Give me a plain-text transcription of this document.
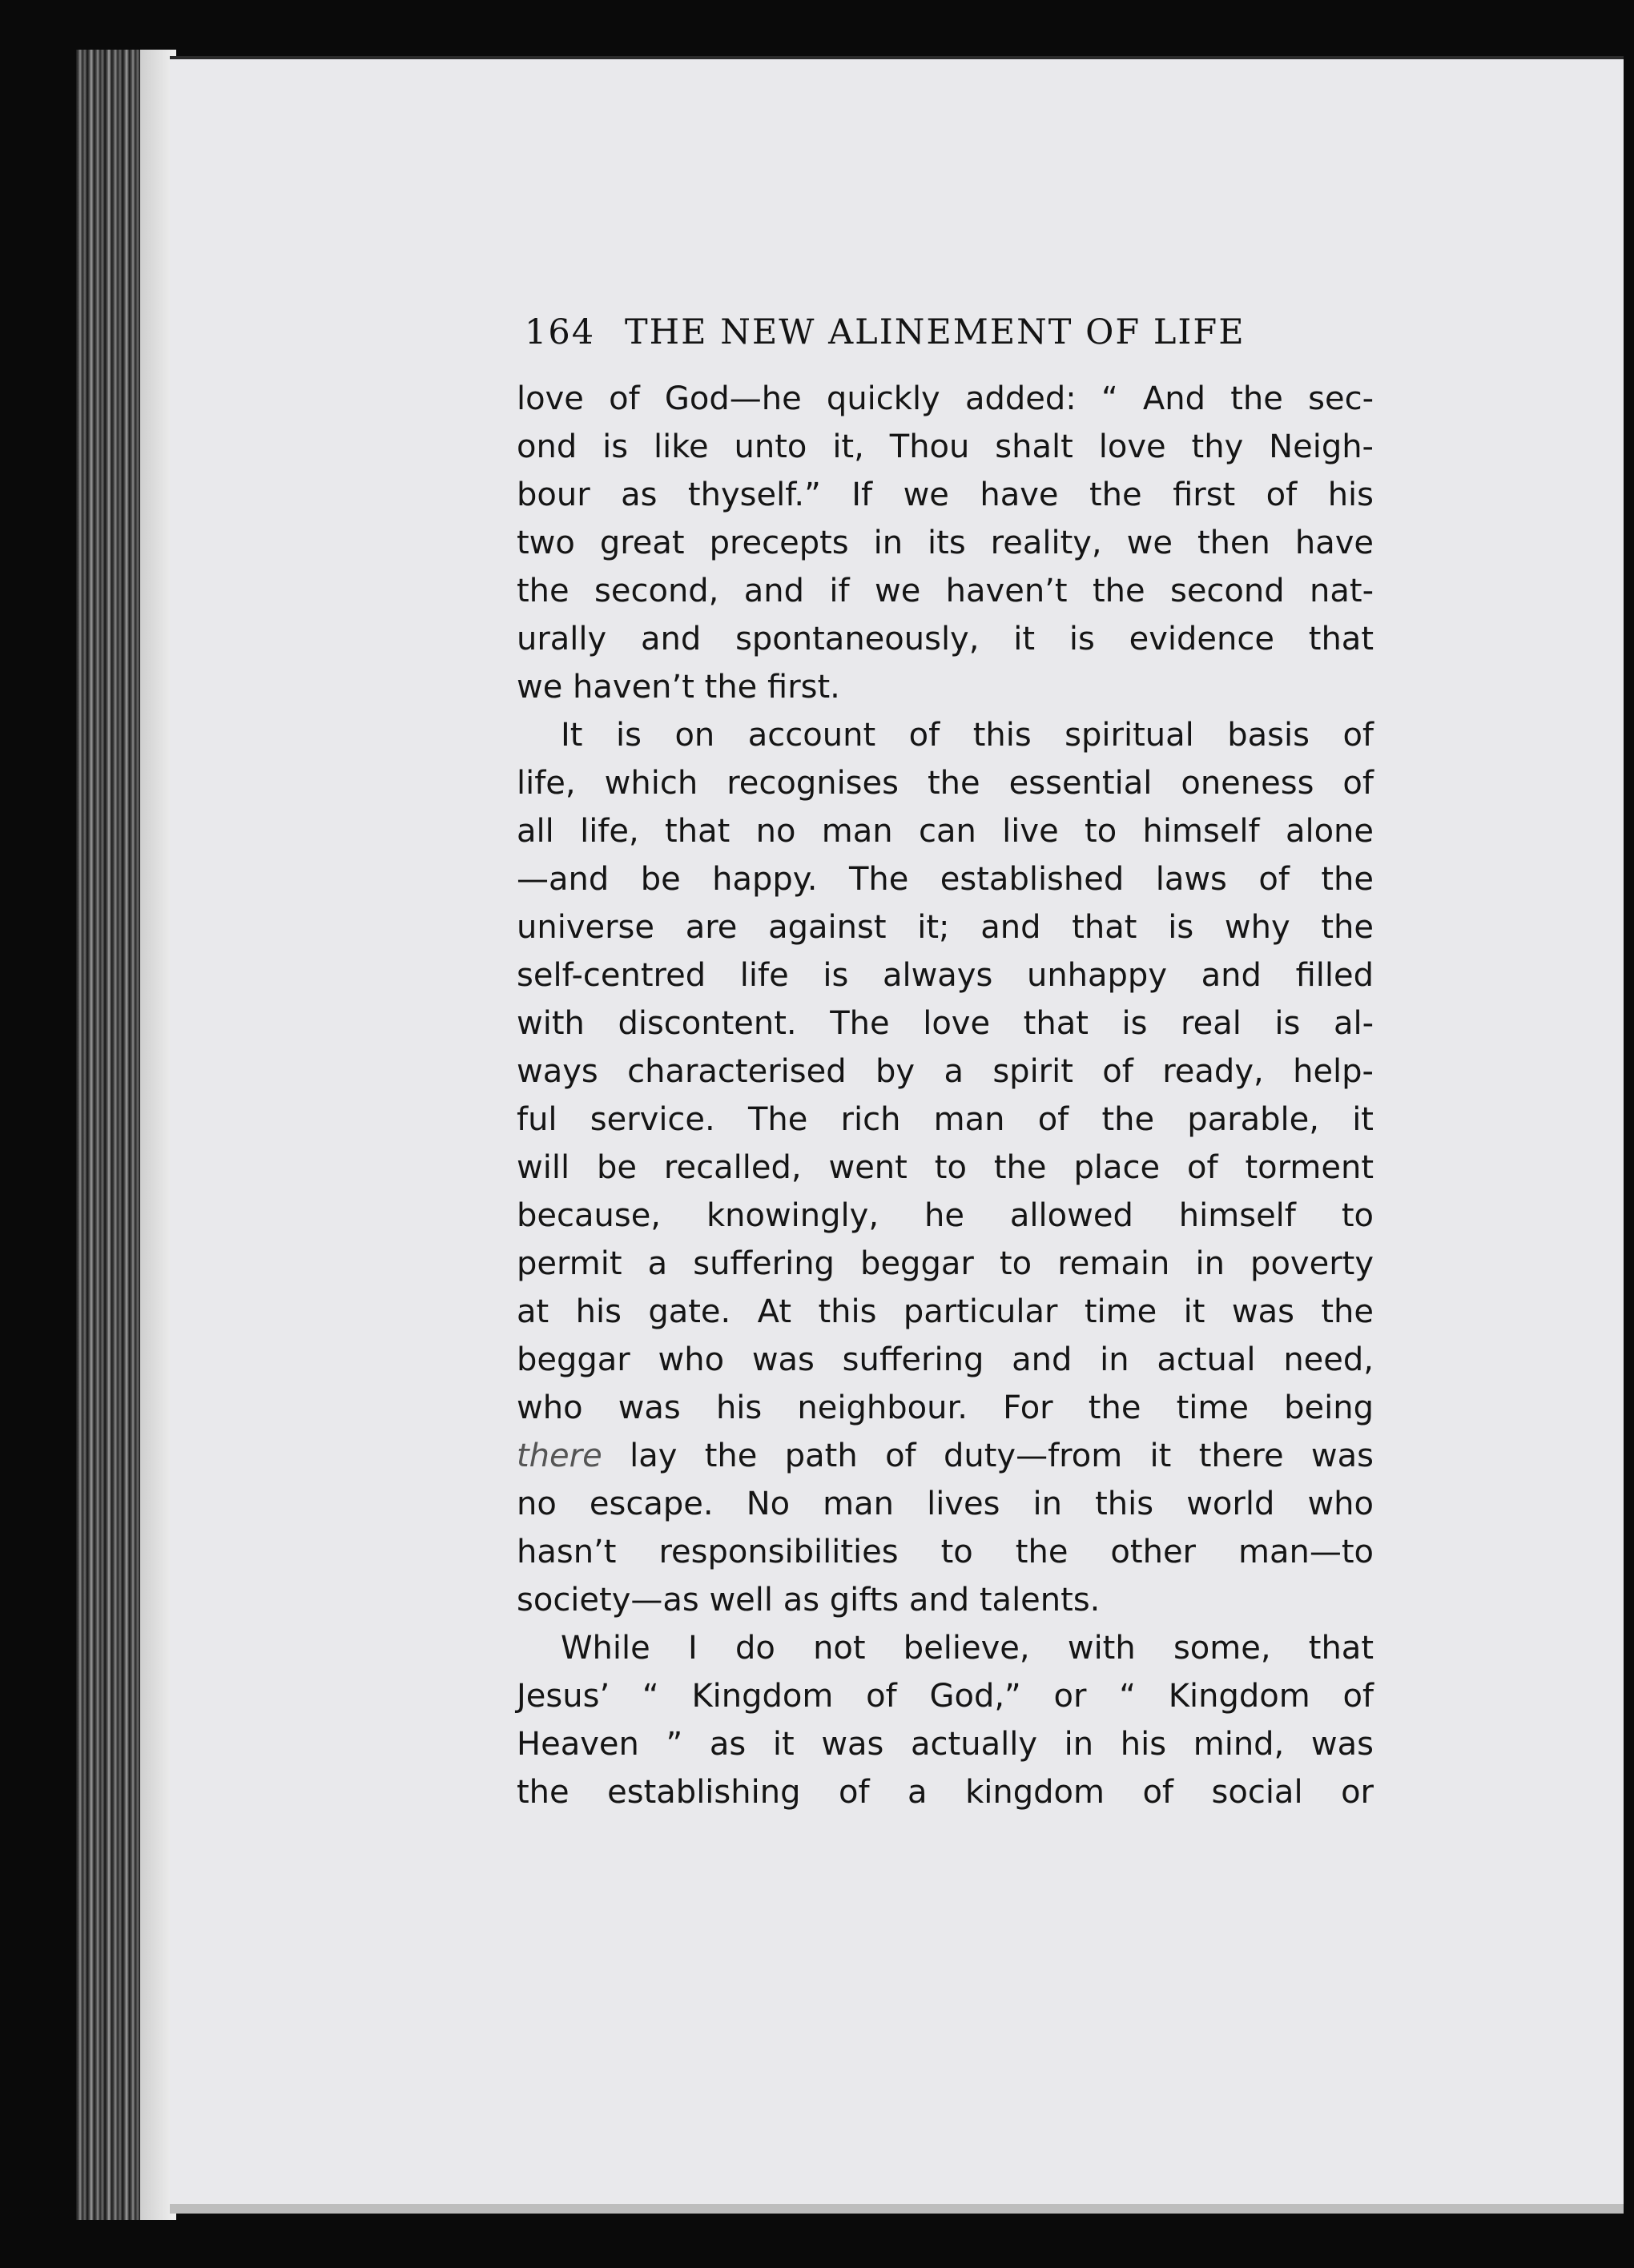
164 THE NEW ALINEMENT OF LIFE
love of God—he quickly added: “ And the sec-
ond is like unto it, Thou shalt love thy Neigh-
bour as thyself.” If we have the first of his
two great precepts in its reality, we then have
the second, and if we haven’t the second nat-
urally and spontaneously, it is evidence that
we haven’t the first.
It is on account of this spiritual basis of
life, which recognises the essential oneness of
all life, that no man can live to himself alone
—and be happy. The established laws of the
universe are against it; and that is why the
self-centred life is always unhappy and filled
with discontent. The love that is real is al-
ways characterised by a spirit of ready, help-
ful service. The rich man of the parable, it
will be recalled, went to the place of torment
because, knowingly, he allowed himself to
permit a suffering beggar to remain in poverty
at his gate. At this particular time it was the
beggar who was suffering and in actual need,
who was his neighbour. For the time being
there lay the path of duty—from it there was
no escape. No man lives in this world who
hasn’t responsibilities to the other man—to
society—as well as gifts and talents.
While I do not believe, with some, that
Jesus’ “ Kingdom of God,” or “ Kingdom of
Heaven ” as it was actually in his mind, was
the establishing of a kingdom of social or
